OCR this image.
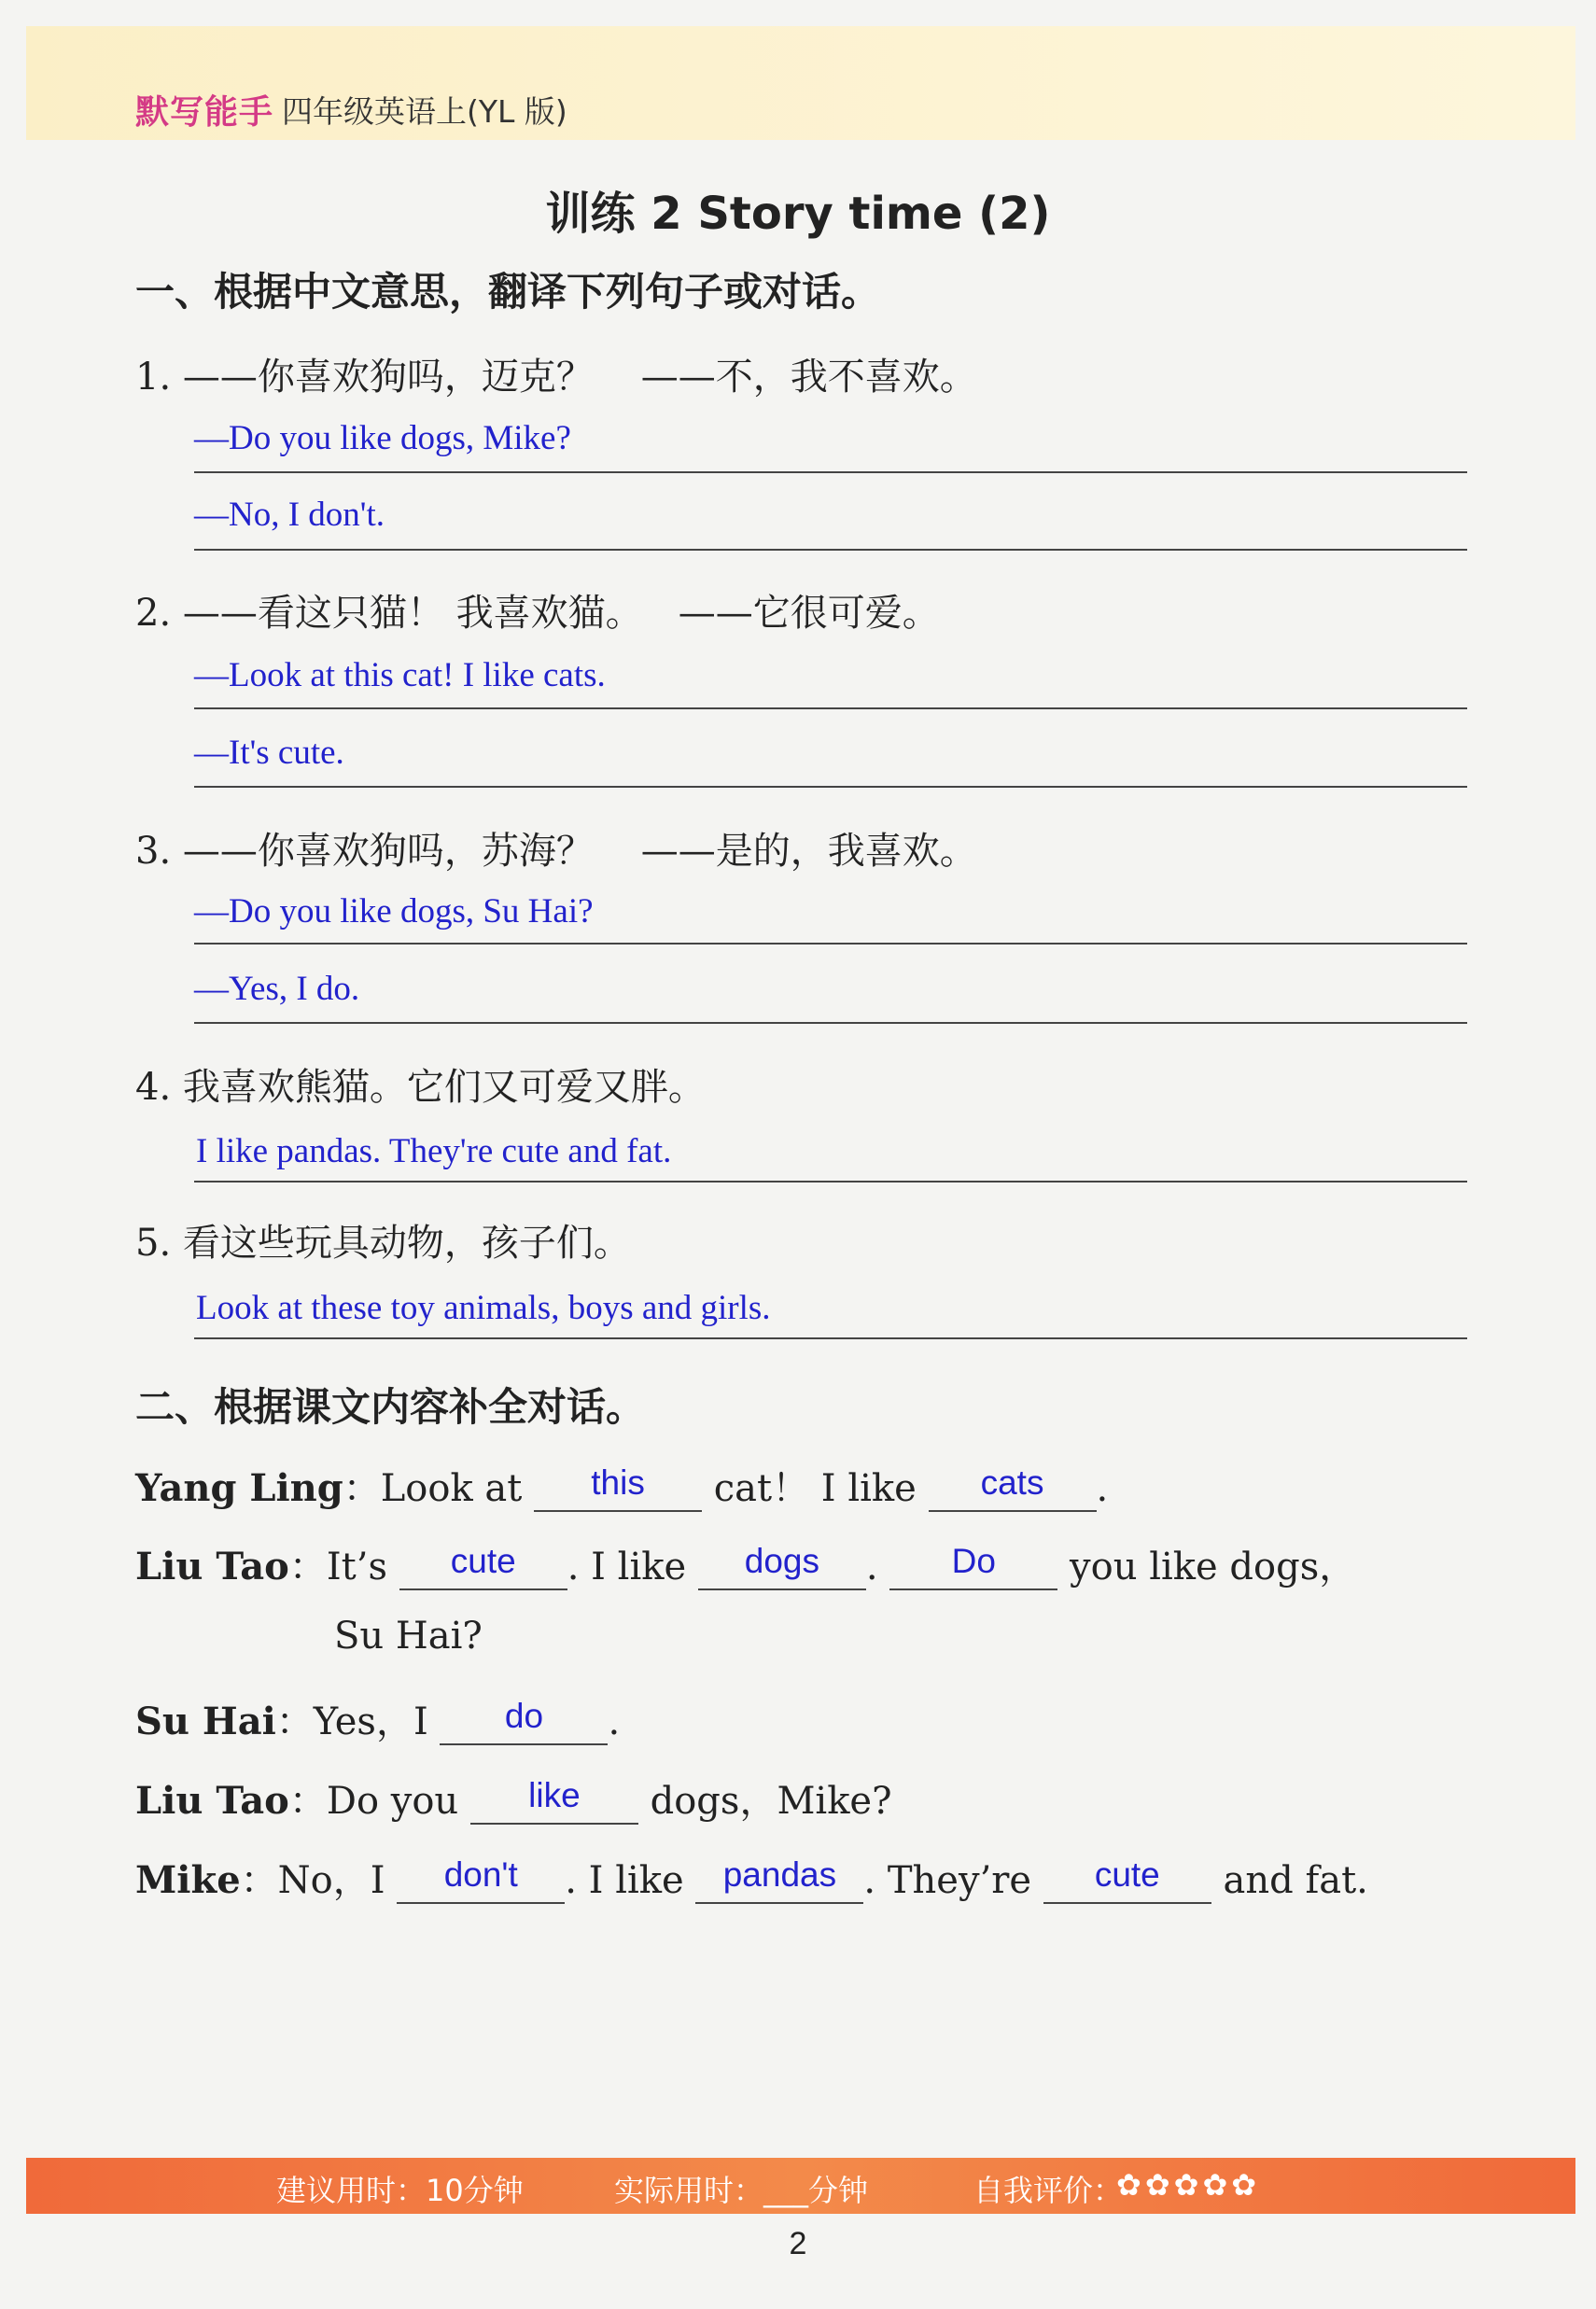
默写能手 四年级英语上(YL 版)
训练 2 Story time (2)
一、根据中文意思，翻译下列句子或对话。
1. ——你喜欢狗吗，迈克？    ——不，我不喜欢。
—Do you like dogs, Mike?
—No, I don't.
2. ——看这只猫！ 我喜欢猫。   ——它很可爱。
—Look at this cat! I like cats.
—It's cute.
3. ——你喜欢狗吗，苏海？    ——是的，我喜欢。
—Do you like dogs, Su Hai?
—Yes, I do.
4. 我喜欢熊猫。它们又可爱又胖。
I like pandas. They're cute and fat.
5. 看这些玩具动物，孩子们。
Look at these toy animals, boys and girls.
二、根据课文内容补全对话。
Yang Ling：Look at	this	cat！ I like	cats	.
Liu Tao：It’s	cute	. I like	dogs	.	Do	you like dogs，
Su Hai?
Su Hai：Yes，I	do	.
Liu Tao：Do you	like	dogs，Mike?
Mike：No，I	don't	. I like	pandas . They’re	cute	and fat.
建议用时：10分钟	实际用时：___分钟	自我评价：
✿✿✿✿✿
2
